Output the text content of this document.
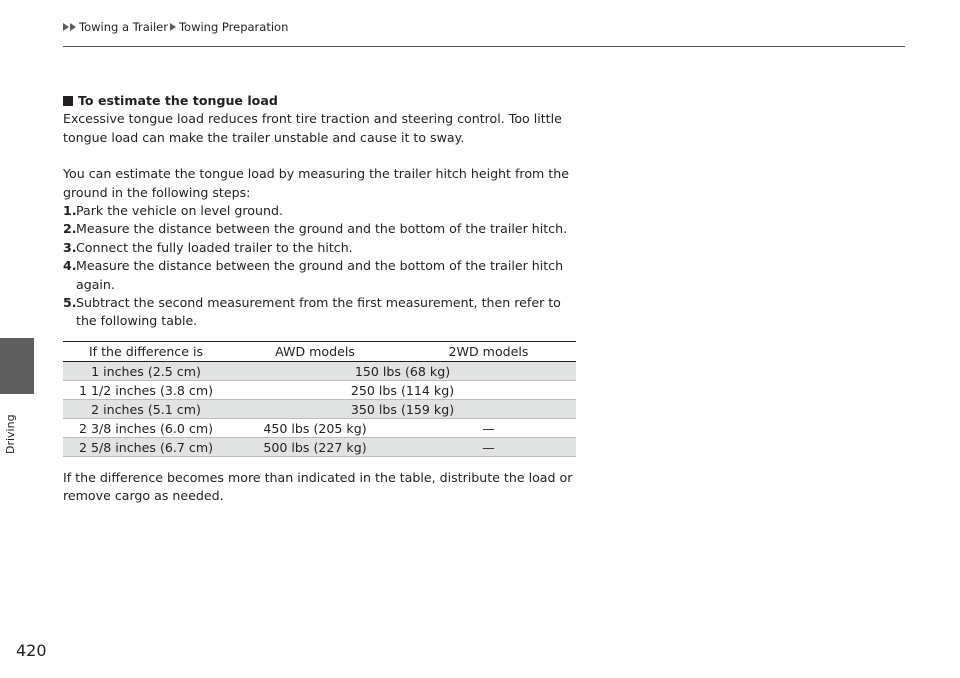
Towing a Trailer Towing Preparation
Driving
To estimate the tongue load

Excessive tongue load reduces front tire traction and steering control. Too little tongue load can make the trailer unstable and cause it to sway.

You can estimate the tongue load by measuring the trailer hitch height from the ground in the following steps:

1. Park the vehicle on level ground.
2. Measure the distance between the ground and the bottom of the trailer hitch.
3. Connect the fully loaded trailer to the hitch.
4. Measure the distance between the ground and the bottom of the trailer hitch again.
5. Subtract the second measurement from the first measurement, then refer to the following table.
If the difference is	AWD models	2WD models
1 inches (2.5 cm)	150 lbs (68 kg)	
1 1/2 inches (3.8 cm)	250 lbs (114 kg)	
2 inches (5.1 cm)	350 lbs (159 kg)	
2 3/8 inches (6.0 cm)	450 lbs (205 kg)	—
2 5/8 inches (6.7 cm)	500 lbs (227 kg)	—

If the difference becomes more than indicated in the table, distribute the load or remove cargo as needed.

420
